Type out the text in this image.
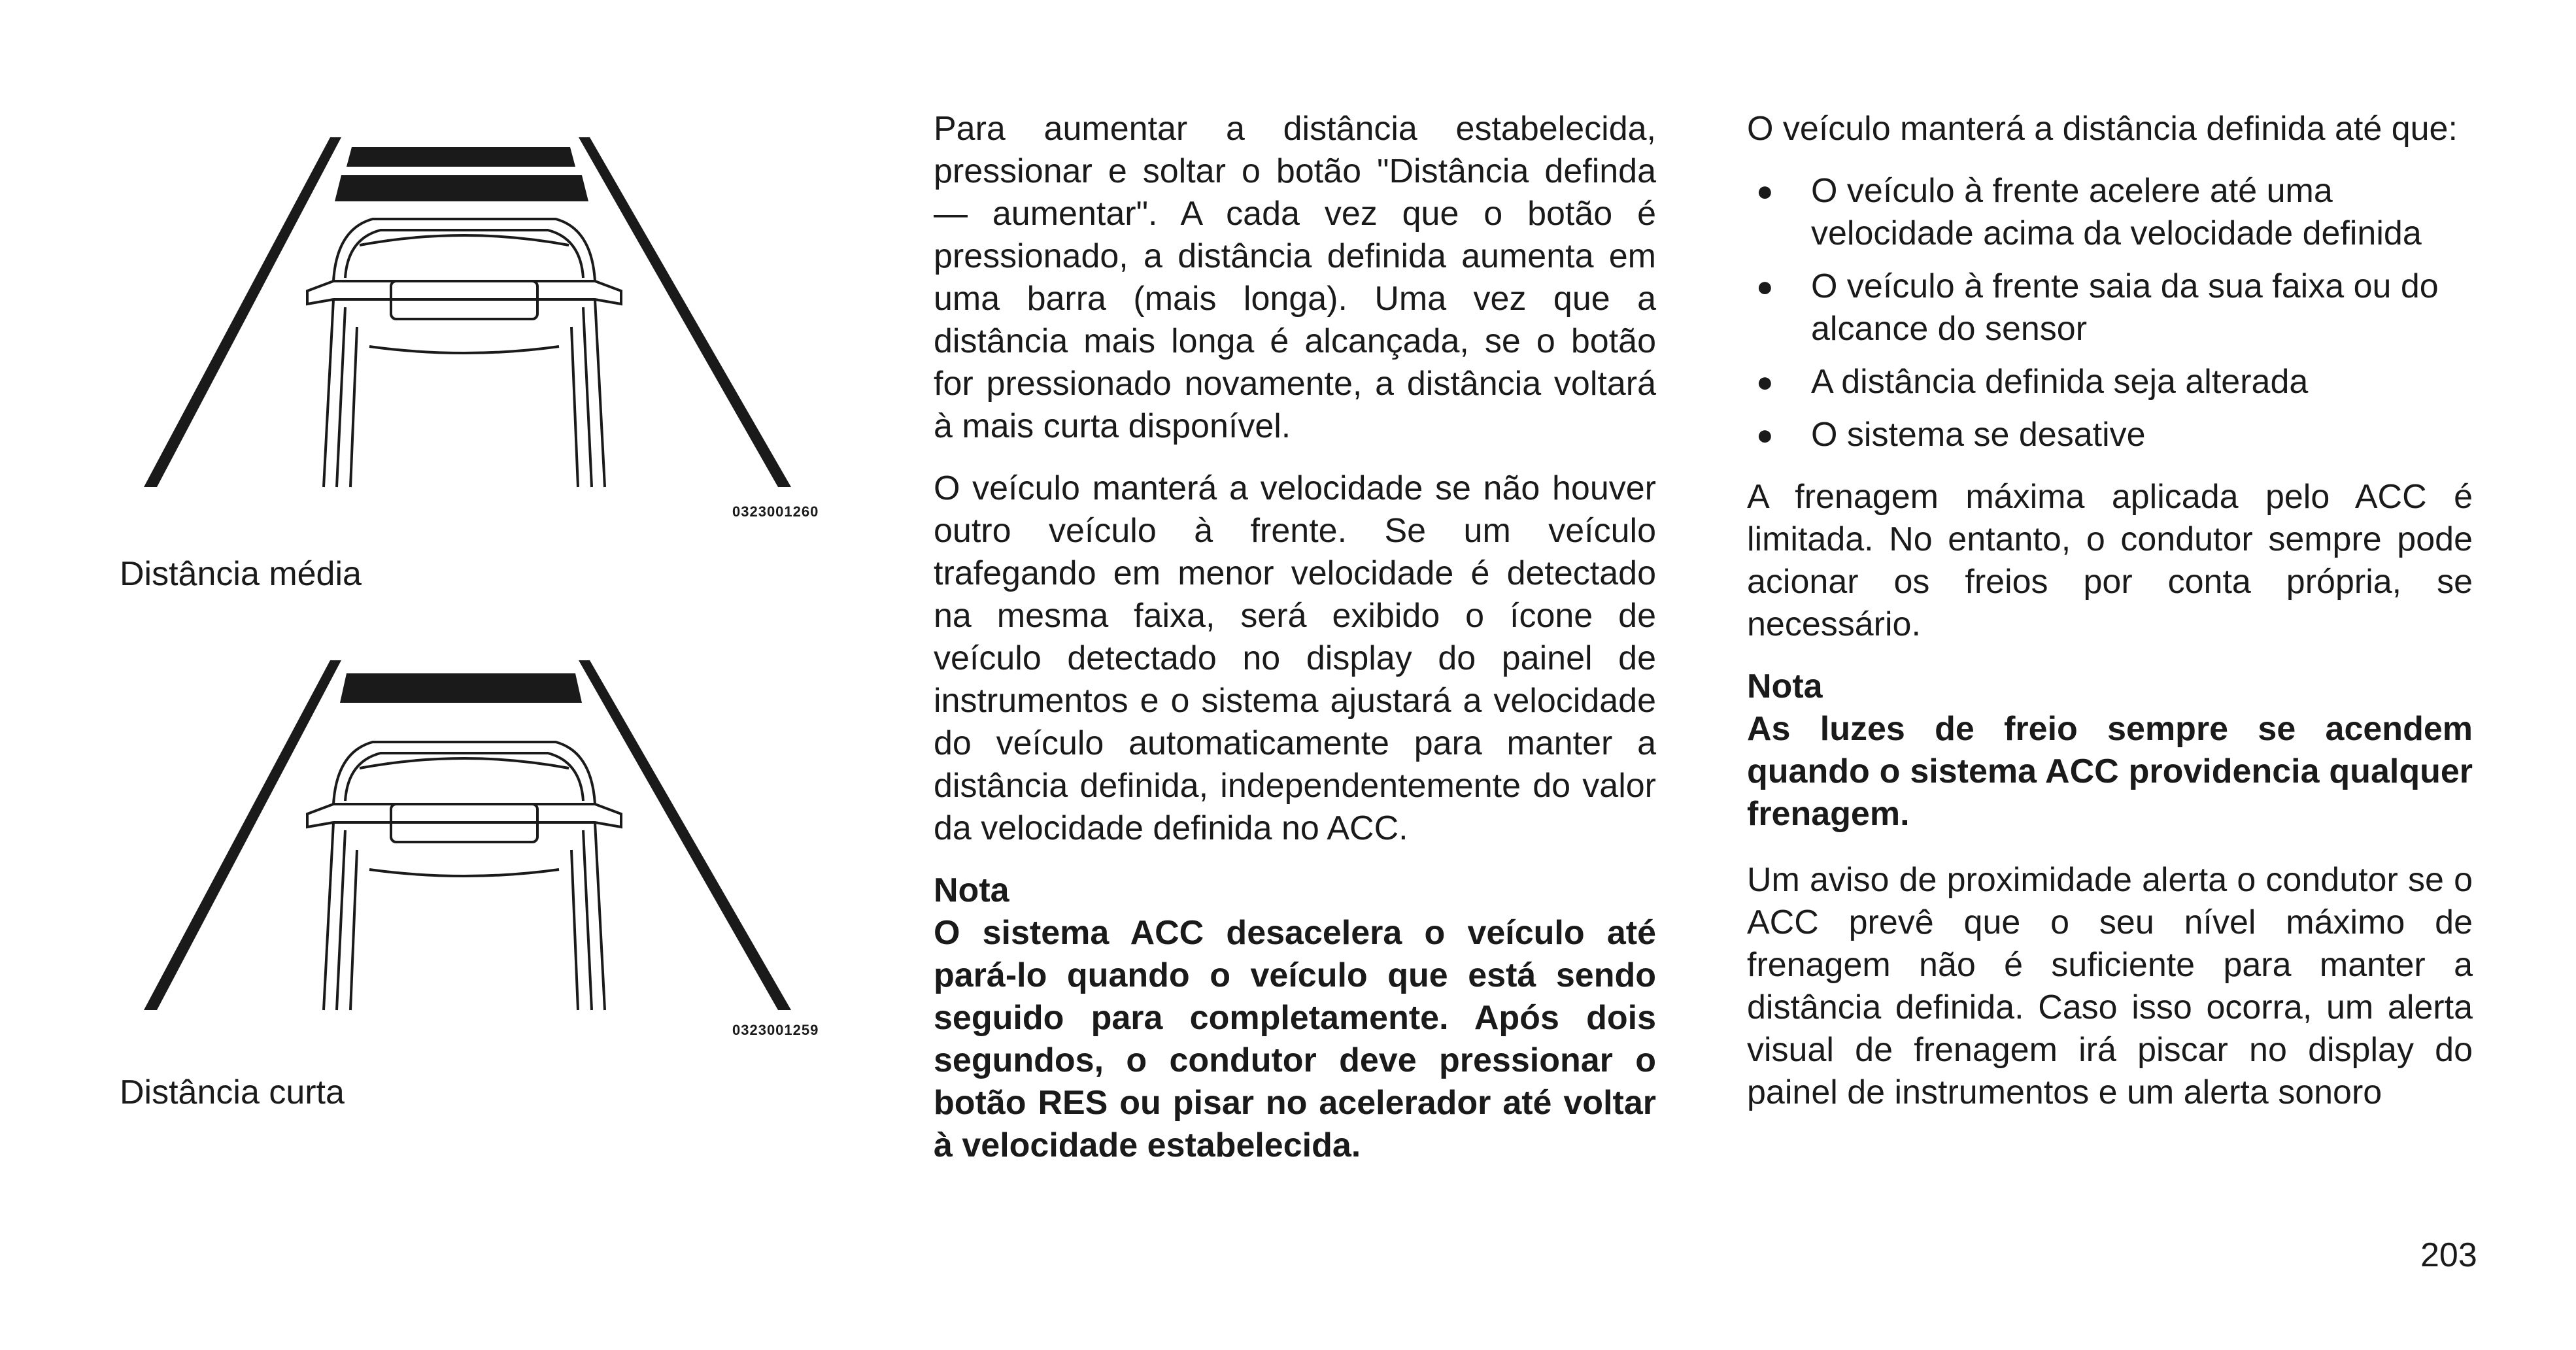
0323001260
Distância média
0323001259
Distância curta

Para aumentar a distância estabelecida, pressionar e soltar o botão "Distância definda — aumentar". A cada vez que o botão é pressionado, a distância definida aumenta em uma barra (mais longa). Uma vez que a distância mais longa é alcançada, se o botão for pressionado novamente, a distância voltará à mais curta disponível.

O veículo manterá a velocidade se não houver outro veículo à frente. Se um veículo trafegando em menor velocidade é detectado na mesma faixa, será exibido o ícone de veículo detectado no display do painel de instrumentos e o sistema ajustará a velocidade do veículo automaticamente para manter a distância definida, independentemente do valor da velocidade definida no ACC.

Nota
O sistema ACC desacelera o veículo até pará-lo quando o veículo que está sendo seguido para completamente. Após dois segundos, o condutor deve pressionar o botão RES ou pisar no acelerador até voltar à velocidade estabelecida.

O veículo manterá a distância definida até que:

● O veículo à frente acelere até uma velocidade acima da velocidade definida
● O veículo à frente saia da sua faixa ou do alcance do sensor
● A distância definida seja alterada
● O sistema se desative

A frenagem máxima aplicada pelo ACC é limitada. No entanto, o condutor sempre pode acionar os freios por conta própria, se necessário.

Nota
As luzes de freio sempre se acendem quando o sistema ACC providencia qualquer frenagem.

Um aviso de proximidade alerta o condutor se o ACC prevê que o seu nível máximo de frenagem não é suficiente para manter a distância definida. Caso isso ocorra, um alerta visual de frenagem irá piscar no display do painel de instrumentos e um alerta sonoro

203
